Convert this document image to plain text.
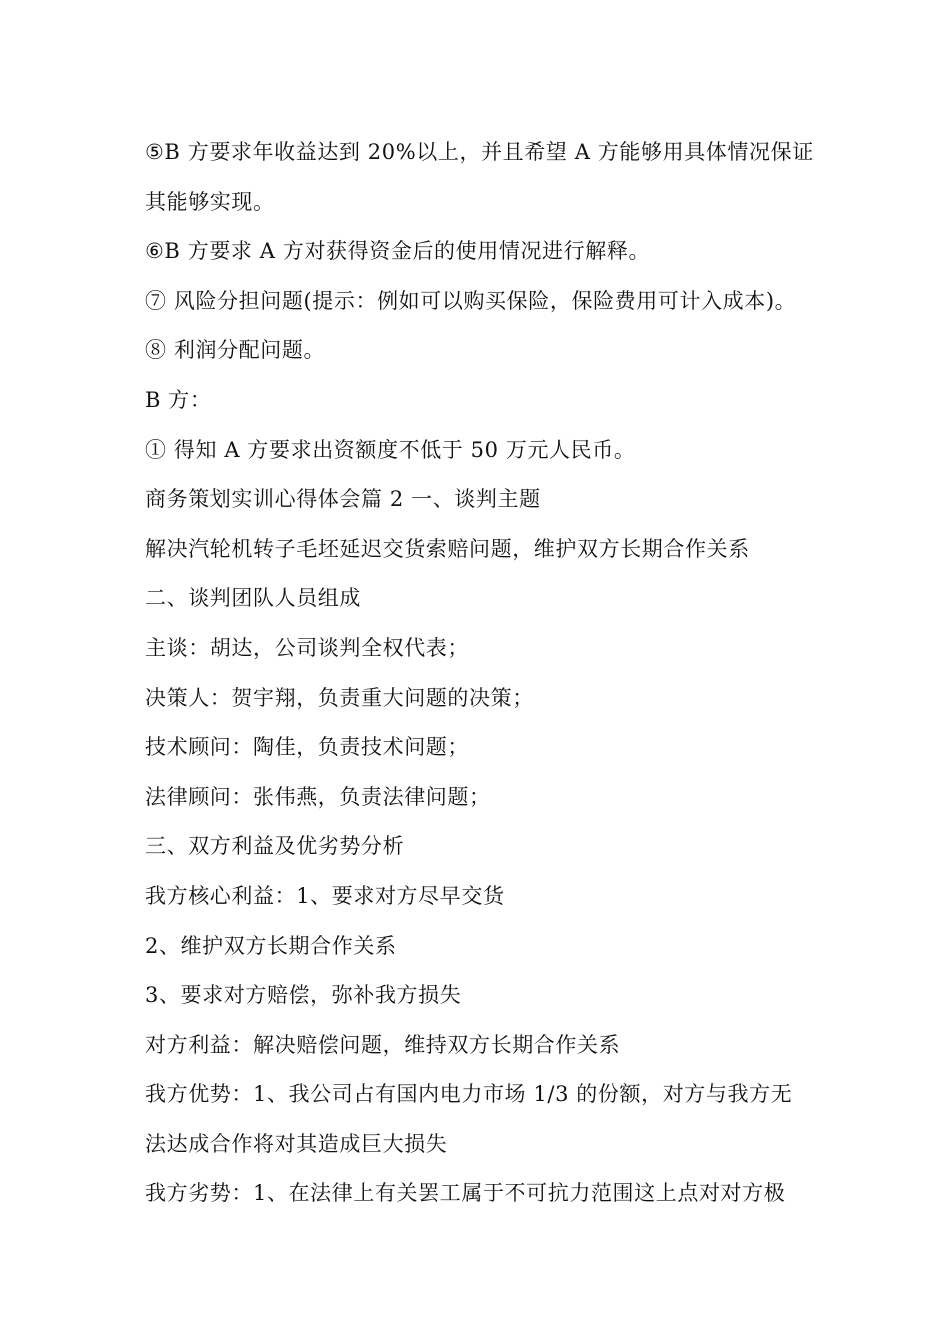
⑤B 方要求年收益达到 20%以上，并且希望 A 方能够用具体情况保证
其能够实现。
⑥B 方要求 A 方对获得资金后的使用情况进行解释。
⑦ 风险分担问题(提示：例如可以购买保险，保险费用可计入成本)。
⑧ 利润分配问题。
B 方：
① 得知 A 方要求出资额度不低于 50 万元人民币。
商务策划实训心得体会篇 2 一、谈判主题
解决汽轮机转子毛坯延迟交货索赔问题，维护双方长期合作关系
二、谈判团队人员组成
主谈：胡达，公司谈判全权代表；
决策人：贺宇翔，负责重大问题的决策；
技术顾问：陶佳，负责技术问题；
法律顾问：张伟燕，负责法律问题；
三、双方利益及优劣势分析
我方核心利益：1、要求对方尽早交货
2、维护双方长期合作关系
3、要求对方赔偿，弥补我方损失
对方利益：解决赔偿问题，维持双方长期合作关系
我方优势：1、我公司占有国内电力市场 1/3 的份额，对方与我方无
法达成合作将对其造成巨大损失
我方劣势：1、在法律上有关罢工属于不可抗力范围这上点对对方极
